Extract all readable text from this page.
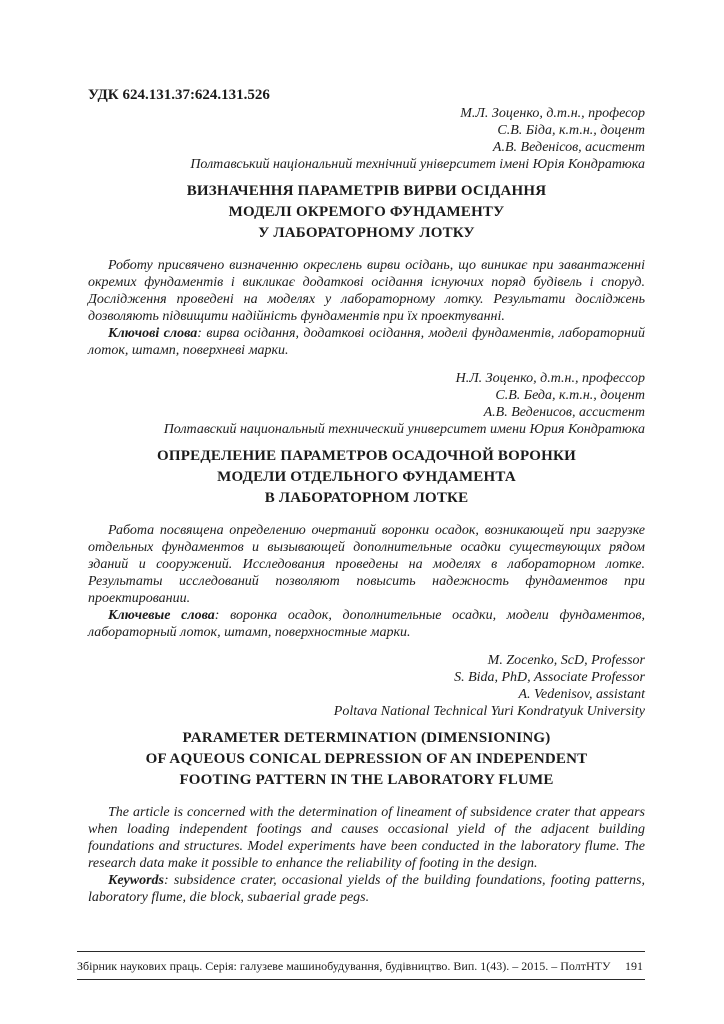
УДК 624.131.37:624.131.526
М.Л. Зоценко, д.т.н., професор
С.В. Біда, к.т.н., доцент
А.В. Веденісов, асистент
Полтавський національний технічний університет імені Юрія Кондратюка
ВИЗНАЧЕННЯ ПАРАМЕТРІВ ВИРВИ ОСІДАННЯ
МОДЕЛІ ОКРЕМОГО ФУНДАМЕНТУ
У ЛАБОРАТОРНОМУ ЛОТКУ

Роботу присвячено визначенню окреслень вирви осідань, що виникає при завантаженні окремих фундаментів і викликає додаткові осідання існуючих поряд будівель і споруд. Дослідження проведені на моделях у лабораторному лотку. Результати досліджень дозволяють підвищити надійність фундаментів при їх проектуванні.

Ключові слова: вирва осідання, додаткові осідання, моделі фундаментів, лабораторний лоток, штамп, поверхневі марки.

Н.Л. Зоценко, д.т.н., профессор
С.В. Беда, к.т.н., доцент
А.В. Веденисов, ассистент
Полтавский национальный технический университет имени Юрия Кондратюка
ОПРЕДЕЛЕНИЕ ПАРАМЕТРОВ ОСАДОЧНОЙ ВОРОНКИ
МОДЕЛИ ОТДЕЛЬНОГО ФУНДАМЕНТА
В ЛАБОРАТОРНОМ ЛОТКЕ

Работа посвящена определению очертаний воронки осадок, возникающей при загрузке отдельных фундаментов и вызывающей дополнительные осадки существующих рядом зданий и сооружений. Исследования проведены на моделях в лабораторном лотке. Результаты исследований позволяют повысить надежность фундаментов при проектировании.

Ключевые слова: воронка осадок, дополнительные осадки, модели фундаментов, лабораторный лоток, штамп, поверхностные марки.

M. Zocenko, ScD, Professor
S. Bida, PhD, Associate Professor
A. Vedenisov, assistant
Poltava National Technical Yuri Kondratyuk University
PARAMETER DETERMINATION (DIMENSIONING)
OF AQUEOUS CONICAL DEPRESSION OF AN INDEPENDENT
FOOTING PATTERN IN THE LABORATORY FLUME

The article is concerned with the determination of lineament of subsidence crater that appears when loading independent footings and causes occasional yield of the adjacent building foundations and structures. Model experiments have been conducted in the laboratory flume. The research data make it possible to enhance the reliability of footing in the design.

Keywords: subsidence crater, occasional yields of the building foundations, footing patterns, laboratory flume, die block, subaerial grade pegs.

Збірник наукових праць. Серія: галузеве машинобудування, будівництво. Вип. 1(43). – 2015. – ПолтНТУ 191
